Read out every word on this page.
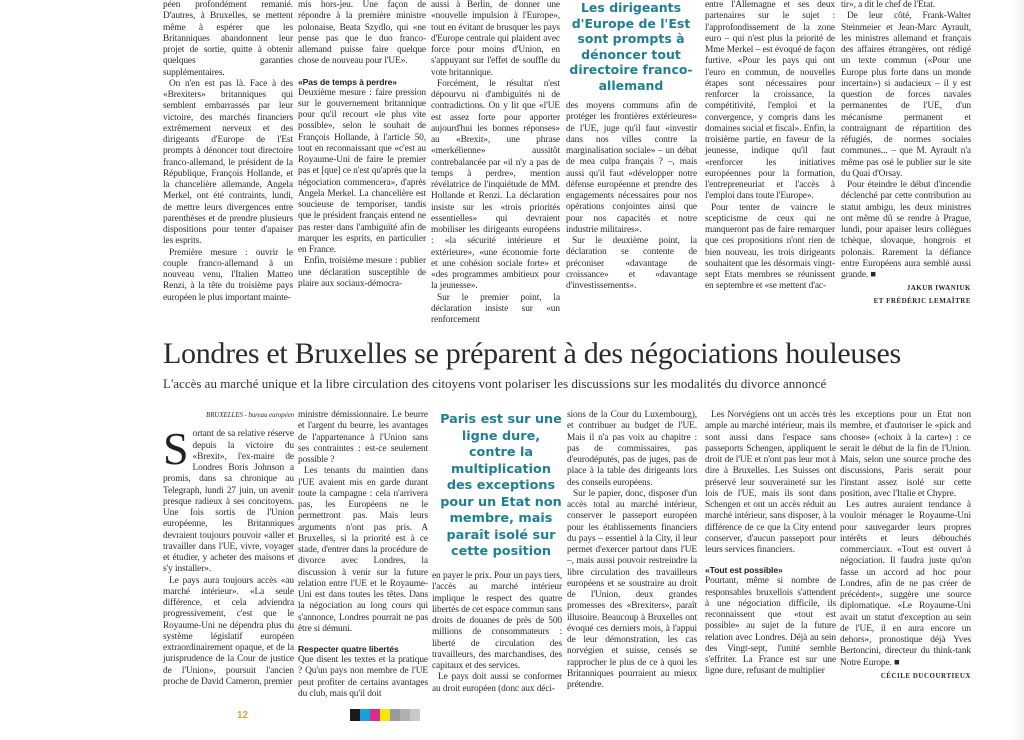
péen profondément remanié. D'autres, à Bruxelles, se mettent même à espérer que les Britanniques abandonnent leur projet de sortie, quitte à obtenir quelques garanties supplémentaires.

On n'en est pas là. Face à des «Brexiters» britanniques qui semblent embarrassés par leur victoire, des marchés financiers extrêmement nerveux et des dirigeants d'Europe de l'Est prompts à dénoncer tout directoire franco-allemand, le président de la République, François Hollande, et la chancelière allemande, Angela Merkel, ont été contraints, lundi, de mettre leurs divergences entre parenthèses et de prendre plusieurs dispositions pour tenter d'apaiser les esprits.

Première mesure : ouvrir le couple franco-allemand à un nouveau venu, l'Italien Matteo Renzi, à la tête du troisième pays européen le plus important mainte-

mis hors-jeu. Une façon de répondre à la première ministre polonaise, Beata Szydlo, qui «ne pense pas que le duo franco-allemand puisse faire quelque chose de nouveau pour l'UE».

«Pas de temps à perdre»

Deuxième mesure : faire pression sur le gouvernement britannique pour qu'il recourt «le plus vite possible», selon le souhait de François Hollande, à l'article 50, tout en reconnaissant que «c'est au Royaume-Uni de faire le premier pas et [que] ce n'est qu'après que la négociation commencera», d'après Angela Merkel. La chancelière est soucieuse de temporiser, tandis que le président français entend ne pas rester dans l'ambiguïté afin de marquer les esprits, en particulier en France.

Enfin, troisième mesure : publier une déclaration susceptible de plaire aux sociaux-démocra-

aussi à Berlin, de donner une «nouvelle impulsion à l'Europe», tout en évitant de brusquer les pays d'Europe centrale qui plaident avec force pour moins d'Union, en s'appuyant sur l'effet de souffle du vote britannique.

Forcément, le résultat n'est dépourvu ni d'ambiguïtés ni de contradictions. On y lit que «l'UE est assez forte pour apporter aujourd'hui les bonnes réponses» au «Brexit», une phrase «merkélienne» aussitôt contrebalancée par «il n'y a pas de temps à perdre», mention révélatrice de l'inquiétude de MM. Hollande et Renzi. La déclaration insiste sur les «trois priorités essentielles» qui devraient mobiliser les dirigeants européens : «la sécurité intérieure et extérieure», «une économie forte et une cohésion sociale forte» et «des programmes ambitieux pour la jeunesse».

Sur le premier point, la déclaration insiste sur «un renforcement

Les dirigeants d'Europe de l'Est sont prompts à dénoncer tout directoire franco-allemand

des moyens communs afin de protéger les frontières extérieures» de l'UE, juge qu'il faut «investir dans nos villes contre la marginalisation sociale» – un débat de mea culpa français ? –, mais aussi qu'il faut «développer notre défense européenne et prendre des engagements nécessaires pour nos opérations conjointes ainsi que pour nos capacités et notre industrie militaires».

Sur le deuxième point, la déclaration se contente de préconiser «davantage de croissance» et «davantage d'investissements».

entre l'Allemagne et ses deux partenaires sur le sujet : l'approfondissement de la zone euro – qui n'est plus la priorité de Mme Merkel – est évoqué de façon furtive. «Pour les pays qui ont l'euro en commun, de nouvelles étapes sont nécessaires pour renforcer la croissance, la compétitivité, l'emploi et la convergence, y compris dans les domaines social et fiscal». Enfin, la troisième partie, en faveur de la jeunesse, indique qu'il faut «renforcer les initiatives européennes pour la formation, l'entrepreneuriat et l'accès à l'emploi dans toute l'Europe».

Pour tenter de vaincre le scepticisme de ceux qui ne manqueront pas de faire remarquer que ces propositions n'ont rien de bien nouveau, les trois dirigeants souhaitent que les désormais vingt-sept Etats membres se réunissent en septembre et «se mettent d'ac-

tir», a dit le chef de l'Etat.

De leur côté, Frank-Walter Steinmeier et Jean-Marc Ayrault, les ministres allemand et français des affaires étrangères, ont rédigé un texte commun («Pour une Europe plus forte dans un monde incertain») si audacieux – il y est question de forces navales permanentes de l'UE, d'un mécanisme permanent et contraignant de répartition des réfugiés, de normes sociales communes... – que M. Ayrault n'a même pas osé le publier sur le site du Quai d'Orsay.

Pour éteindre le début d'incendie déclenché par cette contribution au statut ambigu, les deux ministres ont même dû se rendre à Prague, lundi, pour apaiser leurs collègues tchèque, slovaque, hongrois et polonais. Rarement la défiance entre Européens aura semblé aussi grande. ■

JAKUB IWANIUK
ET FRÉDÉRIC LEMAÎTRE
Londres et Bruxelles se préparent à des négociations houleuses
L'accès au marché unique et la libre circulation des citoyens vont polariser les discussions sur les modalités du divorce annoncé
BRUXELLES - bureau européen

Sortant de sa relative réserve depuis la victoire du «Brexit», l'ex-maire de Londres Boris Johnson a promis, dans sa chronique au Telegraph, lundi 27 juin, un avenir presque radieux à ses concitoyens. Une fois sortis de l'Union européenne, les Britanniques devraient toujours pouvoir «aller et travailler dans l'UE, vivre, voyager et étudier, y acheter des maisons et s'y installer».

Le pays aura toujours accès «au marché intérieur». «La seule différence, et cela adviendra progressivement, c'est que le Royaume-Uni ne dépendra plus du système législatif européen extraordinairement opaque, et de la jurisprudence de la Cour de justice de l'Union», poursuit l'ancien proche de David Cameron, premier

ministre démissionnaire. Le beurre et l'argent du beurre, les avantages de l'appartenance à l'Union sans ses contraintes : est-ce seulement possible ?

Les tenants du maintien dans l'UE avaient mis en garde durant toute la campagne : cela n'arrivera pas, les Européens ne le permettront pas. Mais leurs arguments n'ont pas pris. A Bruxelles, si la priorité est à ce stade, d'entrer dans la procédure de divorce avec Londres, la discussion à venir sur la future relation entre l'UE et le Royaume-Uni est dans toutes les têtes. Dans la négociation au long cours qui s'annonce, Londres pourrait ne pas être si démuni.

Respecter quatre libertés

Que disent les textes et la pratique ? Qu'un pays non membre de l'UE peut profiter de certains avantages du club, mais qu'il doit

Paris est sur une ligne dure, contre la multiplication des exceptions pour un Etat non membre, mais paraît isolé sur cette position

en payer le prix. Pour un pays tiers, l'accès au marché intérieur implique le respect des quatre libertés de cet espace commun sans droits de douanes de près de 500 millions de consommateurs : liberté de circulation des travailleurs, des marchandises, des capitaux et des services.

Le pays doit aussi se conformer au droit européen (donc aux déci-

sions de la Cour du Luxembourg), et contribuer au budget de l'UE. Mais il n'a pas voix au chapitre : pas de commissaires, pas d'eurodéputés, pas de juges, pas de place à la table des dirigeants lors des conseils européens.

Sur le papier, donc, disposer d'un accès total au marché intérieur, conserver le passeport européen pour les établissements financiers du pays – essentiel à la City, il leur permet d'exercer partout dans l'UE –, mais aussi pouvoir restreindre la libre circulation des travailleurs européens et se soustraire au droit de l'Union, deux grandes promesses des «Brexiters», paraît illusoire. Beaucoup à Bruxelles ont évoqué ces derniers mois, à l'appui de leur démonstration, les cas norvégien et suisse, censés se rapprocher le plus de ce à quoi les Britanniques pourraient au mieux prétendre.

Les Norvégiens ont un accès très ample au marché intérieur, mais ils sont aussi dans l'espace sans passeports Schengen, appliquent le droit de l'UE et n'ont pas leur mot à dire à Bruxelles. Les Suisses ont préservé leur souveraineté sur les lois de l'UE, mais ils sont dans Schengen et ont un accès réduit au marché intérieur, sans disposer, à la différence de ce que la City entend conserver, d'aucun passeport pour leurs services financiers.

«Tout est possible»

Pourtant, même si nombre de responsables bruxellois s'attendent à une négociation difficile, ils reconnaissent que «tout est possible» au sujet de la future relation avec Londres. Déjà au sein des Vingt-sept, l'unité semble s'effriter. La France est sur une ligne dure, refusant de multiplier

les exceptions pour un Etat non membre, et d'autoriser le «pick and choose» («choix à la carte») : ce serait le début de la fin de l'Union. Mais, selon une source proche des discussions, Paris serait pour l'instant assez isolé sur cette position, avec l'Italie et Chypre.

Les autres auraient tendance à vouloir ménager le Royaume-Uni pour sauvegarder leurs propres intérêts et leurs débouchés commerciaux. «Tout est ouvert à négociation. Il faudra juste qu'on fasse un accord ad hoc pour Londres, afin de ne pas créer de précédent», suggère une source diplomatique. «Le Royaume-Uni avait un statut d'exception au sein de l'UE, il en aura encore un dehors», pronostique déjà Yves Bertoncini, directeur du think-tank Notre Europe. ■

CÉCILE DUCOURTIEUX
12
